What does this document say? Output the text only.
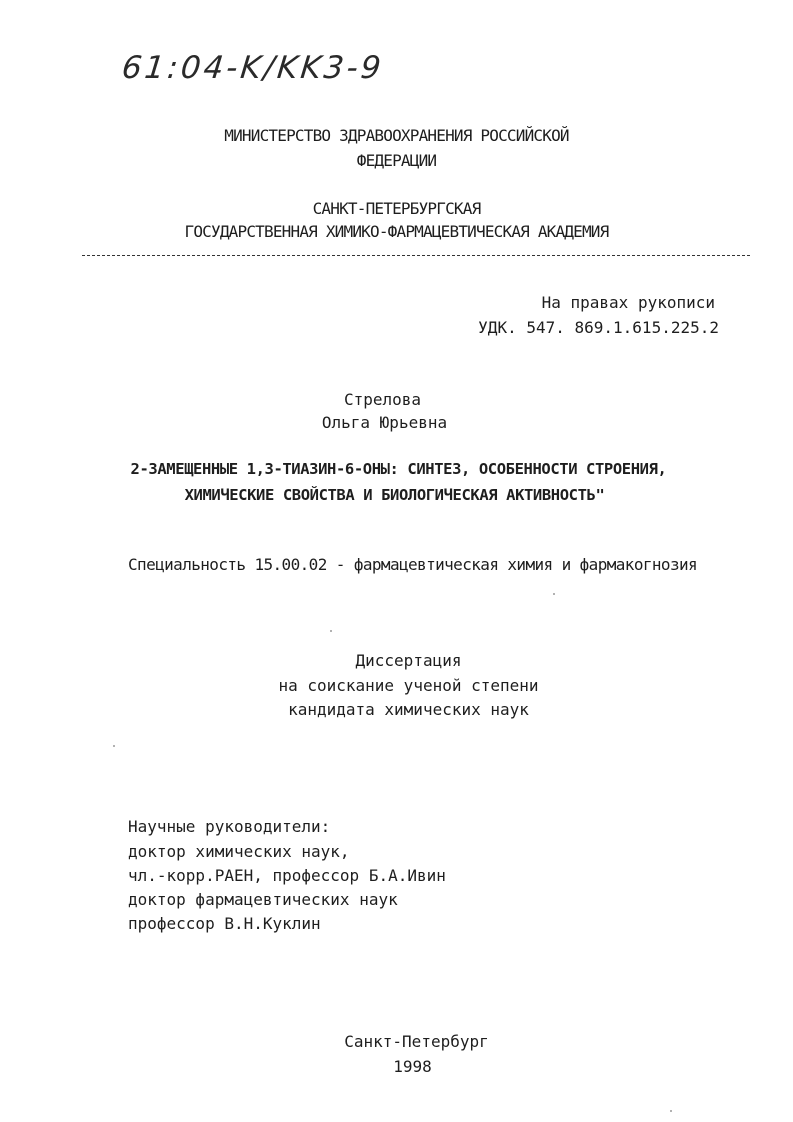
61:04-K/KK3-9
МИНИСТЕРСТВО ЗДРАВООХРАНЕНИЯ РОССИЙСКОЙ
ФЕДЕРАЦИИ
САНКТ-ПЕТЕРБУРГСКАЯ
ГОСУДАРСТВЕННАЯ ХИМИКО-ФАРМАЦЕВТИЧЕСКАЯ АКАДЕМИЯ
На правах рукописи
УДК. 547. 869.1.615.225.2
Стрелова
Ольга Юрьевна
2-ЗАМЕЩЕННЫЕ 1,3-ТИАЗИН-6-ОНЫ: СИНТЕЗ, ОСОБЕННОСТИ СТРОЕНИЯ,
ХИМИЧЕСКИЕ СВОЙСТВА И БИОЛОГИЧЕСКАЯ АКТИВНОСТЬ"
Специальность 15.00.02 - фармацевтическая химия и фармакогнозия
Диссертация
на соискание ученой степени
кандидата химических наук
Научные руководители:
доктор химических наук,
чл.-корр.РАЕН, профессор Б.А.Ивин
доктор фармацевтических наук
профессор В.Н.Куклин
Санкт-Петербург
1998
